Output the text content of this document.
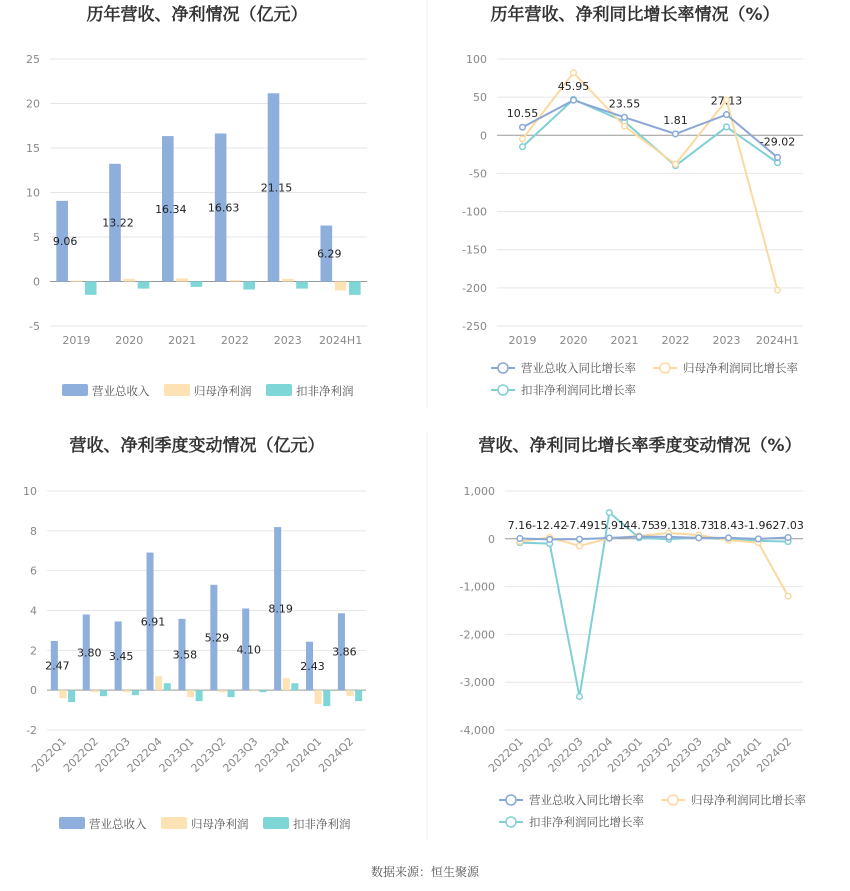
历年营收、净利情况（亿元）
-5
0
5
10
15
20
25
2019 2020 2021 2022 2023 2024H1
9.06
13.22
16.34 16.63
21.15
6.29
营业总收入	归母净利润	扣非净利润
历年营收、净利同比增长率情况（%）
-250
-200
-150
-100
-50
0
50
100
2019 2020 2021 2022 2023 2024H1
10.55
45.95
23.55
1.81
27.13
-29.02
营业总收入同比增长率	归母净利润同比增长率
扣非净利润同比增长率
营收、净利季度变动情况（亿元）
-2
0
2
4
6
8
10
2022Q1
2022Q2
2022Q3
2022Q4
2023Q1
2023Q2
2023Q3
2023Q4
2024Q1
2024Q2
2.47
3.80 3.45
6.91
3.58
5.29
4.10
8.19
2.43
3.86
营业总收入	归母净利润	扣非净利润
营收、净利同比增长率季度变动情况（%）
-4,000
-3,000
-2,000
-1,000
0
1,000
2022Q1
2022Q2
2022Q3
2022Q4
2023Q1
2023Q2
2023Q3
2023Q4
2024Q1
2024Q2
7.16 -12.42
-7.49 15.91
44.75
39.13
18.73
18.43 -1.96 27.03
营业总收入同比增长率	归母净利润同比增长率
扣非净利润同比增长率
数据来源：恒生聚源
